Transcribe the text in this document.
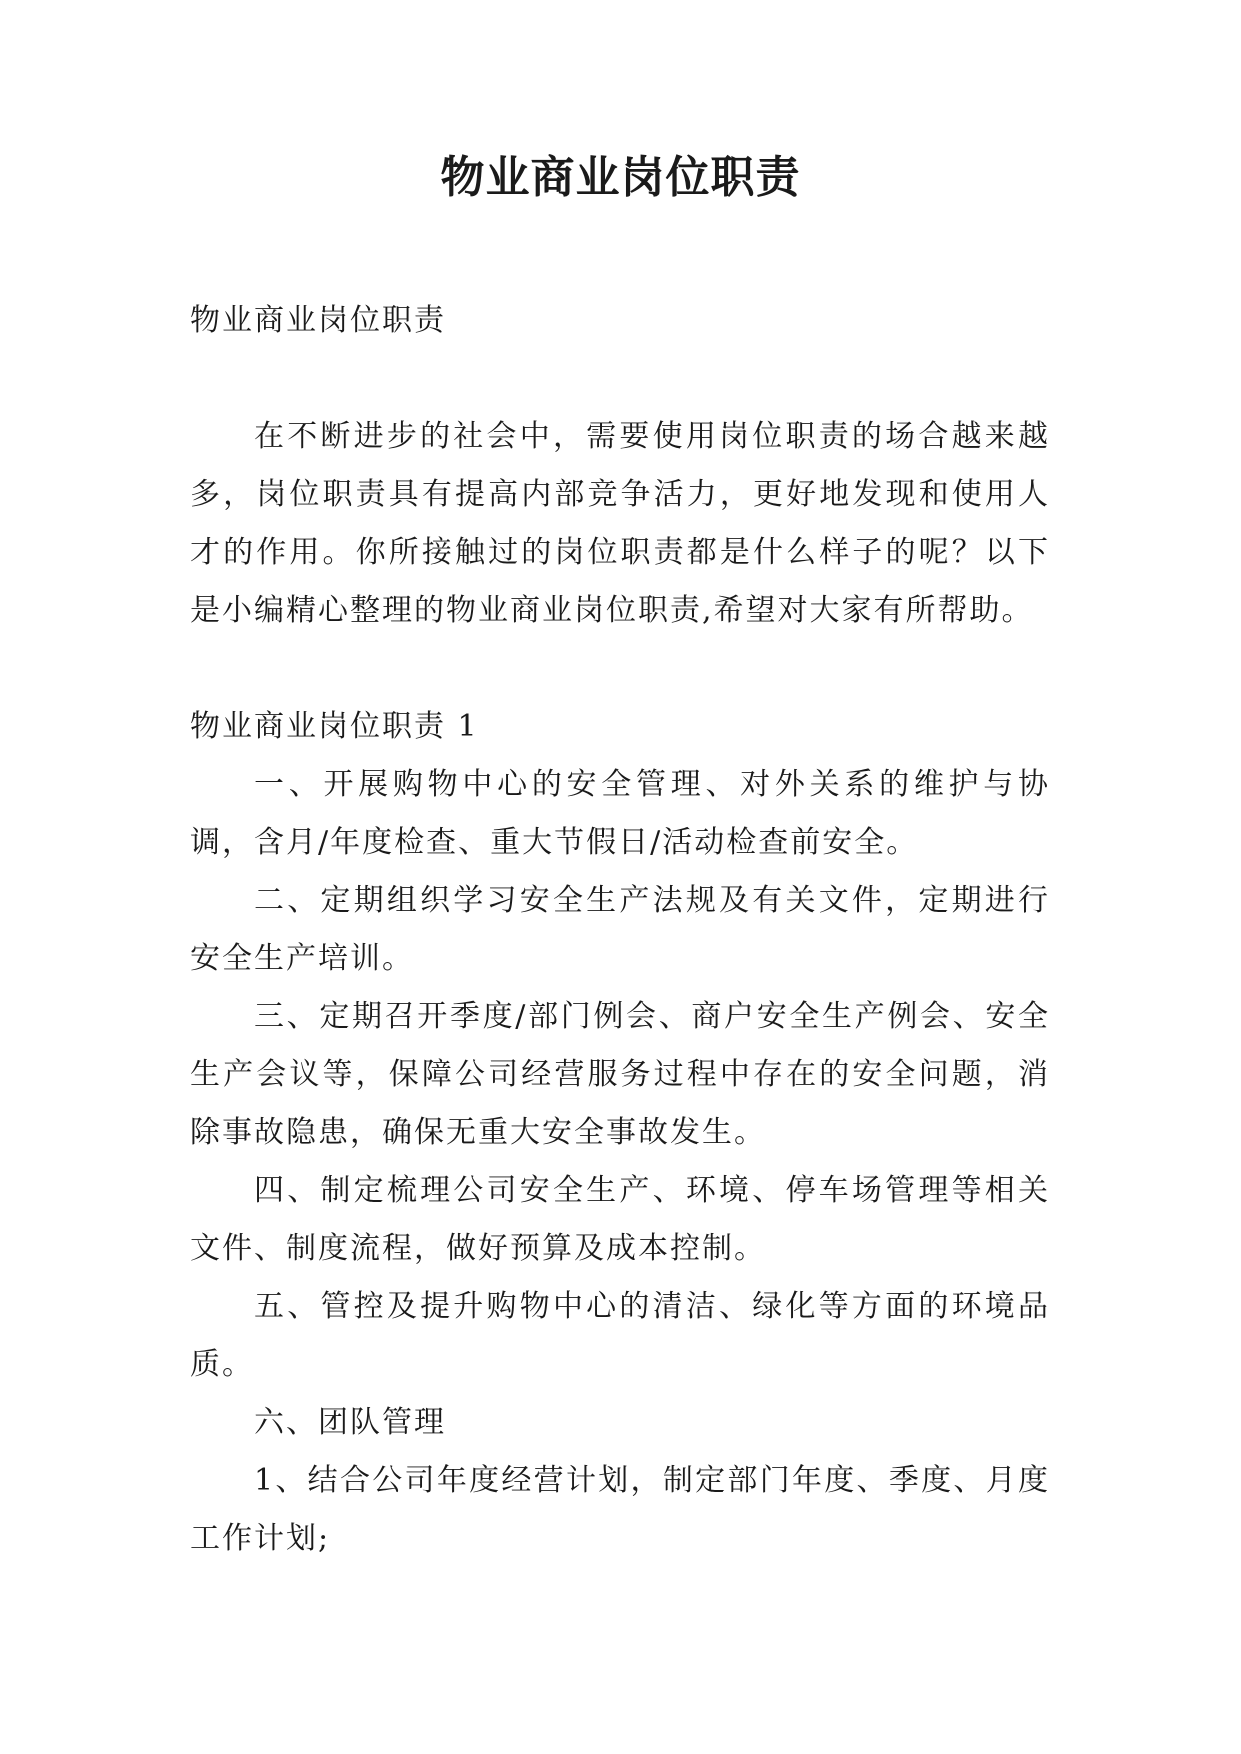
物业商业岗位职责

物业商业岗位职责

在不断进步的社会中，需要使用岗位职责的场合越来越多，岗位职责具有提高内部竞争活力，更好地发现和使用人才的作用。你所接触过的岗位职责都是什么样子的呢？以下是小编精心整理的物业商业岗位职责,希望对大家有所帮助。

物业商业岗位职责 1

一、开展购物中心的安全管理、对外关系的维护与协调，含月/年度检查、重大节假日/活动检查前安全。

二、定期组织学习安全生产法规及有关文件，定期进行安全生产培训。

三、定期召开季度/部门例会、商户安全生产例会、安全生产会议等，保障公司经营服务过程中存在的安全问题，消除事故隐患，确保无重大安全事故发生。

四、制定梳理公司安全生产、环境、停车场管理等相关文件、制度流程，做好预算及成本控制。

五、管控及提升购物中心的清洁、绿化等方面的环境品质。

六、团队管理

1、结合公司年度经营计划，制定部门年度、季度、月度工作计划;
